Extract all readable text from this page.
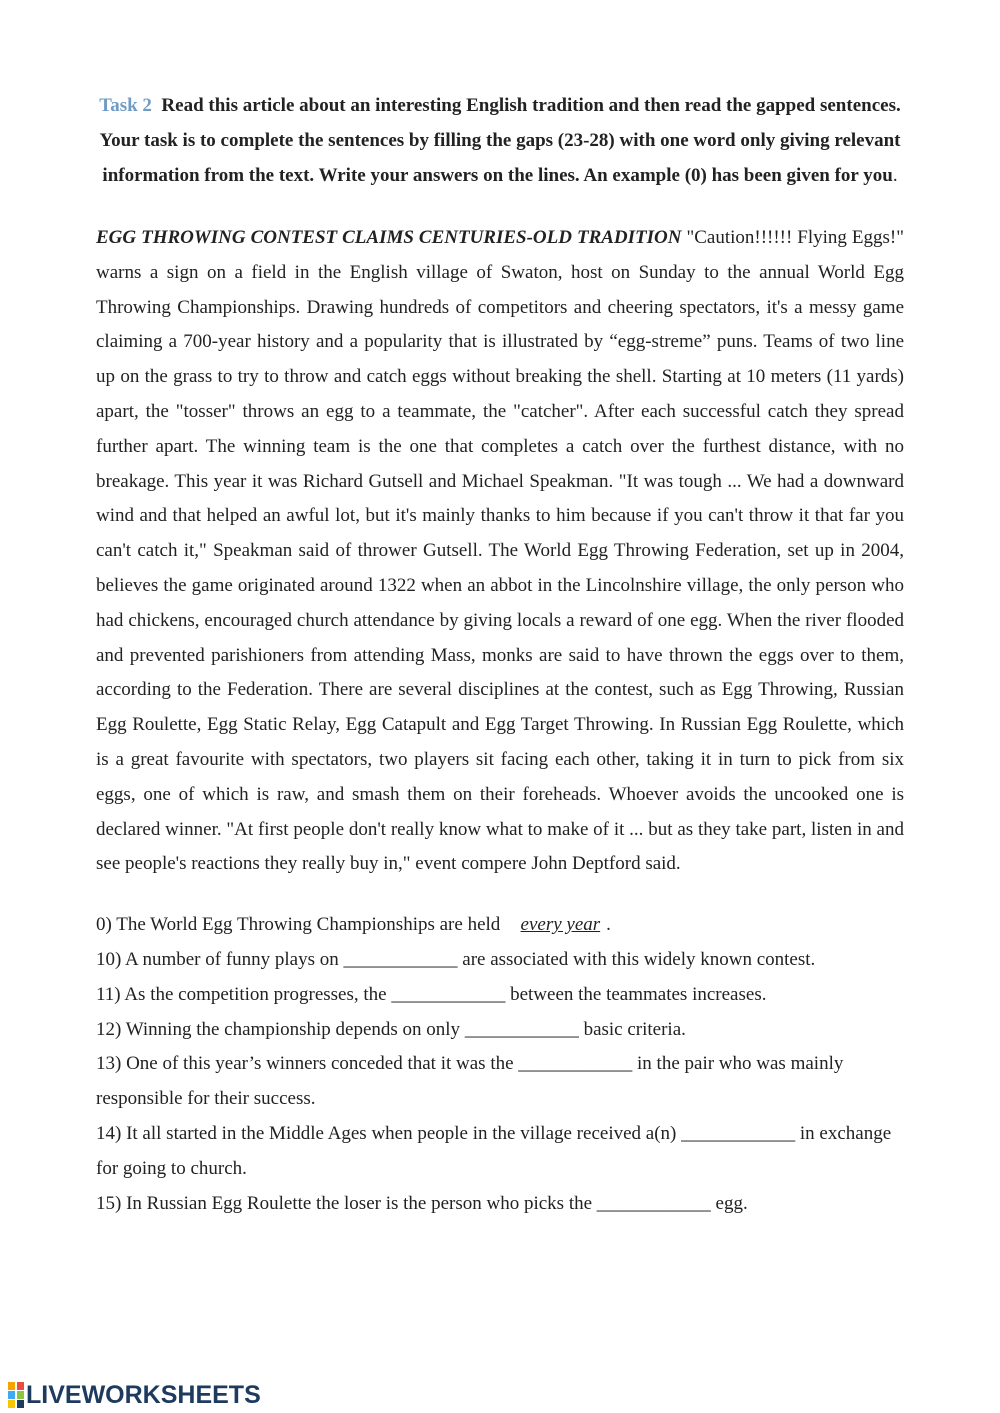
Task 2 Read this article about an interesting English tradition and then read the gapped sentences. Your task is to complete the sentences by filling the gaps (23-28) with one word only giving relevant information from the text. Write your answers on the lines. An example (0) has been given for you.
EGG THROWING CONTEST CLAIMS CENTURIES-OLD TRADITION "Caution!!!!!! Flying Eggs!" warns a sign on a field in the English village of Swaton, host on Sunday to the annual World Egg Throwing Championships. Drawing hundreds of competitors and cheering spectators, it's a messy game claiming a 700-year history and a popularity that is illustrated by “egg-streme” puns. Teams of two line up on the grass to try to throw and catch eggs without breaking the shell. Starting at 10 meters (11 yards) apart, the "tosser" throws an egg to a teammate, the "catcher". After each successful catch they spread further apart. The winning team is the one that completes a catch over the furthest distance, with no breakage. This year it was Richard Gutsell and Michael Speakman. "It was tough ... We had a downward wind and that helped an awful lot, but it's mainly thanks to him because if you can't throw it that far you can't catch it," Speakman said of thrower Gutsell. The World Egg Throwing Federation, set up in 2004, believes the game originated around 1322 when an abbot in the Lincolnshire village, the only person who had chickens, encouraged church attendance by giving locals a reward of one egg. When the river flooded and prevented parishioners from attending Mass, monks are said to have thrown the eggs over to them, according to the Federation. There are several disciplines at the contest, such as Egg Throwing, Russian Egg Roulette, Egg Static Relay, Egg Catapult and Egg Target Throwing. In Russian Egg Roulette, which is a great favourite with spectators, two players sit facing each other, taking it in turn to pick from six eggs, one of which is raw, and smash them on their foreheads. Whoever avoids the uncooked one is declared winner. "At first people don't really know what to make of it ... but as they take part, listen in and see people's reactions they really buy in," event compere John Deptford said.

0) The World Egg Throwing Championships are held every year .

10) A number of funny plays on ____________ are associated with this widely known contest.

11) As the competition progresses, the ____________ between the teammates increases.

12) Winning the championship depends on only ____________ basic criteria.

13) One of this year’s winners conceded that it was the ____________ in the pair who was mainly responsible for their success.

14) It all started in the Middle Ages when people in the village received a(n) ____________ in exchange for going to church.

15) In Russian Egg Roulette the loser is the person who picks the ____________ egg.

LIVEWORKSHEETS
